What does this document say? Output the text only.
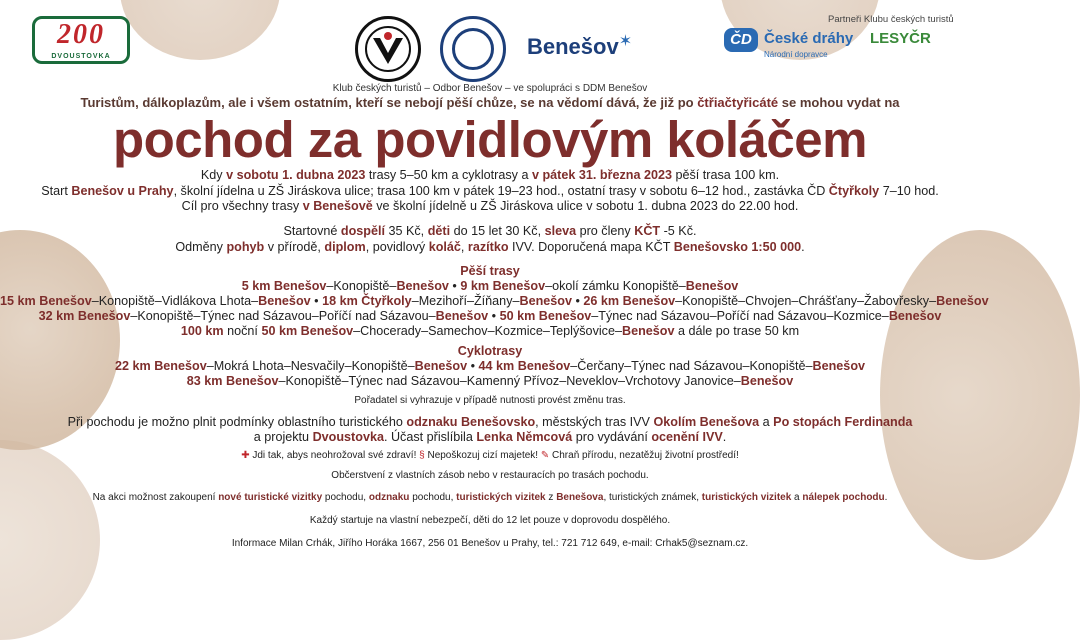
200
DVOUSTOVKA	Benešov✶
Partneři Klubu českých turistů
ČD České dráhy
Národní dopravce
LESYČR
Klub českých turistů – Odbor Benešov – ve spolupráci s DDM Benešov
Turistům, dálkoplazům, ale i všem ostatním, kteří se nebojí pěší chůze, se na vědomí dává, že již po čtřiačtyřicáté se mohou vydat na
pochod za povidlovým koláčem
Kdy v sobotu 1. dubna 2023 trasy 5–50 km a cyklotrasy a v pátek 31. března 2023 pěší trasa 100 km.
Start Benešov u Prahy, školní jídelna u ZŠ Jiráskova ulice; trasa 100 km v pátek 19–23 hod., ostatní trasy v sobotu 6–12 hod., zastávka ČD Čtyřkoly 7–10 hod.
Cíl pro všechny trasy v Benešově ve školní jídelně u ZŠ Jiráskova ulice v sobotu 1. dubna 2023 do 22.00 hod.
Startovné dospělí 35 Kč, děti do 15 let 30 Kč, sleva pro členy KČT -5 Kč.
Odměny pohyb v přírodě, diplom, povidlový koláč, razítko IVV. Doporučená mapa KČT Benešovsko 1:50 000.
Pěší trasy
5 km Benešov–Konopiště–Benešov • 9 km Benešov–okolí zámku Konopiště–Benešov
15 km Benešov–Konopiště–Vidlákova Lhota–Benešov • 18 km Čtyřkoly–Mezihoří–Žíňany–Benešov • 26 km Benešov–Konopiště–Chvojen–Chrášťany–Žabovřesky–Benešov
32 km Benešov–Konopiště–Týnec nad Sázavou–Poříčí nad Sázavou–Benešov • 50 km Benešov–Týnec nad Sázavou–Poříčí nad Sázavou–Kozmice–Benešov
100 km noční 50 km Benešov–Chocerady–Samechov–Kozmice–Teplýšovice–Benešov a dále po trase 50 km
Cyklotrasy
22 km Benešov–Mokrá Lhota–Nesvačily–Konopiště–Benešov • 44 km Benešov–Čerčany–Týnec nad Sázavou–Konopiště–Benešov
83 km Benešov–Konopiště–Týnec nad Sázavou–Kamenný Přívoz–Neveklov–Vrchotovy Janovice–Benešov
Pořadatel si vyhrazuje v případě nutnosti provést změnu tras.
Při pochodu je možno plnit podmínky oblastního turistického odznaku Benešovsko, městských tras IVV Okolím Benešova a Po stopách Ferdinanda
a projektu Dvoustovka. Účast přislíbila Lenka Němcová pro vydávání ocenění IVV.
✚ Jdi tak, abys neohrožoval své zdraví! § Nepoškozuj cizí majetek! ✎ Chraň přírodu, nezatěžuj životní prostředí!
Občerstvení z vlastních zásob nebo v restauracích po trasách pochodu.
Na akci možnost zakoupení nové turistické vizitky pochodu, odznaku pochodu, turistických vizitek z Benešova, turistických známek, turistických vizitek a nálepek pochodu.
Každý startuje na vlastní nebezpečí, děti do 12 let pouze v doprovodu dospělého.
Informace Milan Crhák, Jiřího Horáka 1667, 256 01 Benešov u Prahy, tel.: 721 712 649, e-mail: Crhak5@seznam.cz.
